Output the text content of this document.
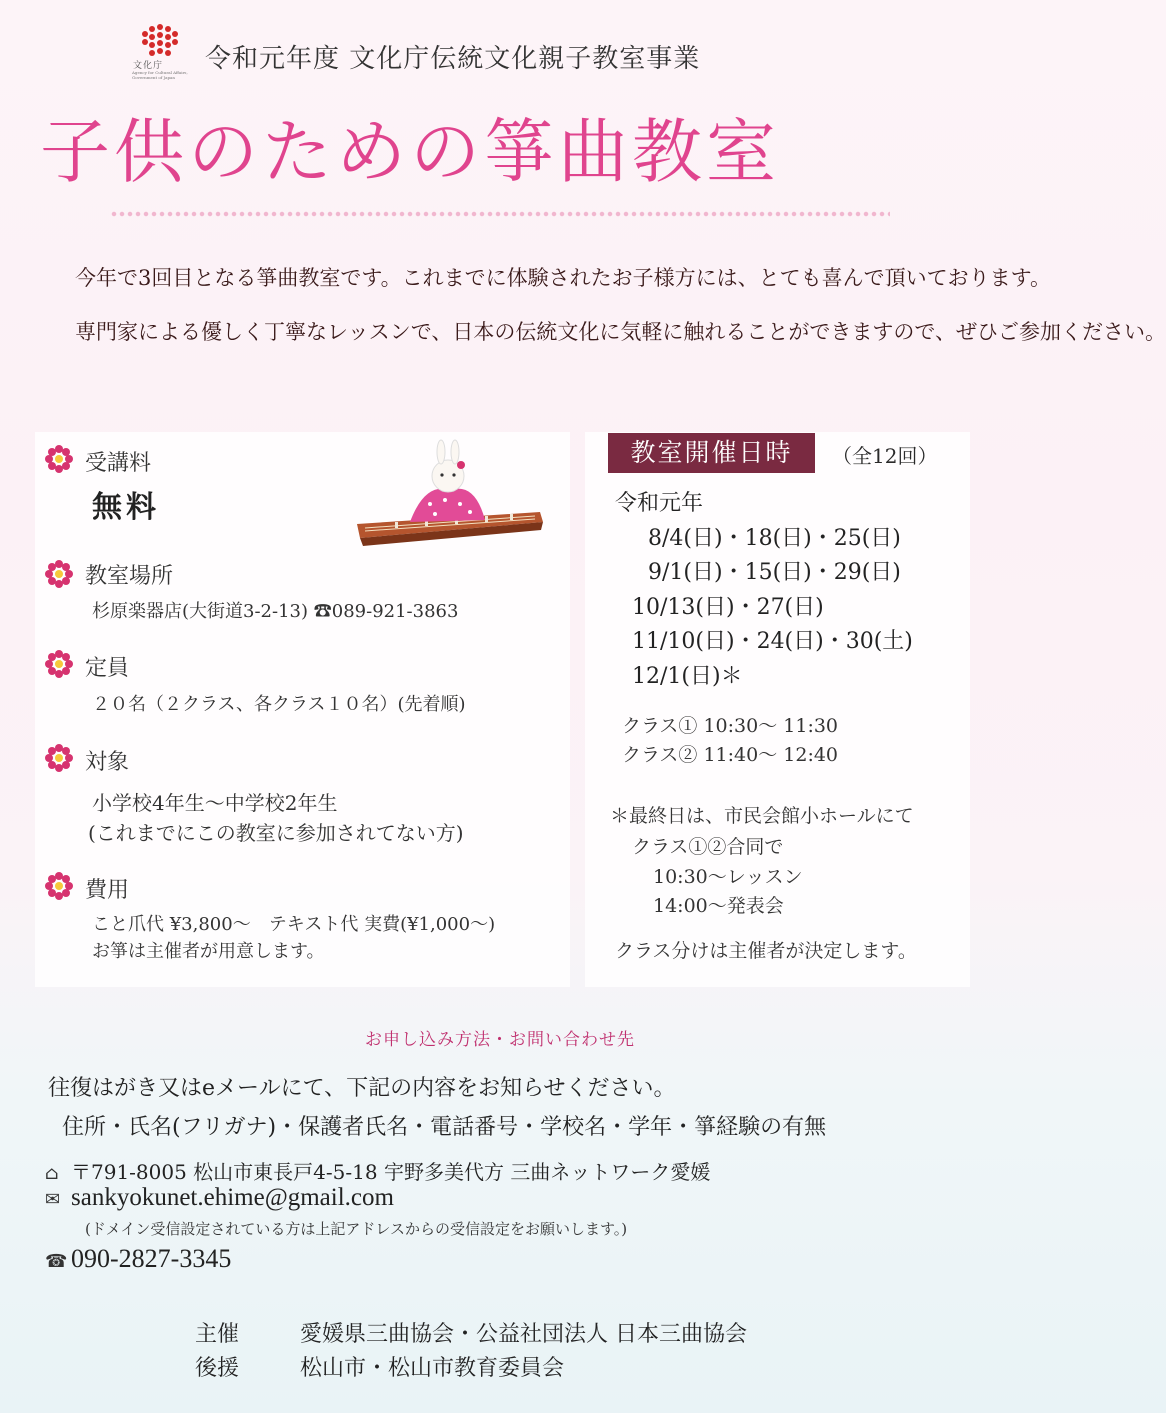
文化庁
Agency for Cultural Affairs, Government of Japan
令和元年度 文化庁伝統文化親子教室事業
子供のための箏曲教室
今年で3回目となる箏曲教室です。これまでに体験されたお子様方には、とても喜んで頂いております。
専門家による優しく丁寧なレッスンで、日本の伝統文化に気軽に触れることができますので、ぜひご参加ください。
受講料
無料
教室場所
杉原楽器店(大街道3-2-13) ☎089-921-3863
定員
２０名（２クラス、各クラス１０名）(先着順)
対象
小学校4年生〜中学校2年生
(これまでにこの教室に参加されてない方)
費用
こと爪代 ¥3,800〜　テキスト代 実費(¥1,000〜)
お箏は主催者が用意します。
教室開催日時	（全12回）
令和元年
8/4(日)・18(日)・25(日)
9/1(日)・15(日)・29(日)
10/13(日)・27(日)
11/10(日)・24(日)・30(土)
12/1(日)＊
クラス① 10:30〜 11:30
クラス② 11:40〜 12:40
＊最終日は、市民会館小ホールにて
クラス①②合同で
10:30〜レッスン
14:00〜発表会
クラス分けは主催者が決定します。
お申し込み方法・お問い合わせ先
往復はがき又はeメールにて、下記の内容をお知らせください。
住所・氏名(フリガナ)・保護者氏名・電話番号・学校名・学年・箏経験の有無
⌂ 〒791-8005 松山市東長戸4-5-18 宇野多美代方 三曲ネットワーク愛媛
✉ sankyokunet.ehime@gmail.com
(ドメイン受信設定されている方は上記アドレスからの受信設定をお願いします。)
☎ 090-2827-3345
主催	愛媛県三曲協会・公益社団法人 日本三曲協会
後援	松山市・松山市教育委員会
